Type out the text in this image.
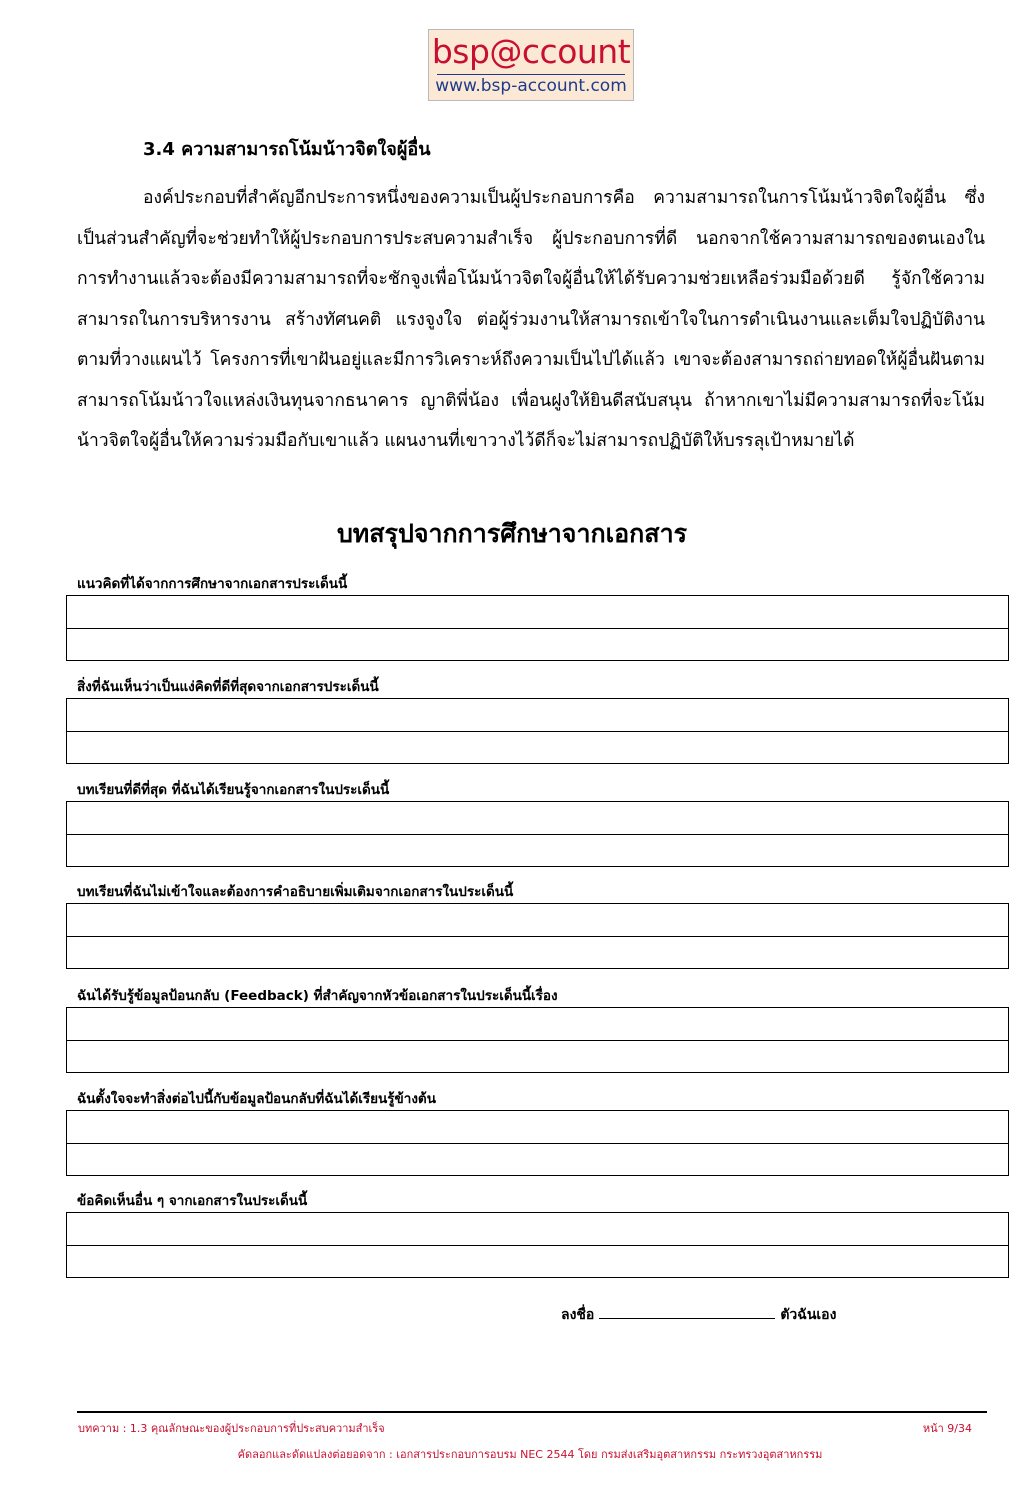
bsp@ccount
www.bsp-account.com
3.4 ความสามารถโน้มน้าวจิตใจผู้อื่น
องค์ประกอบที่สำคัญอีกประการหนึ่งของความเป็นผู้ประกอบการคือ ความสามารถในการโน้มน้าวจิตใจผู้อื่น ซึ่งเป็นส่วนสำคัญที่จะช่วยทำให้ผู้ประกอบการประสบความสำเร็จ ผู้ประกอบการที่ดี นอกจากใช้ความสามารถของตนเองในการทำงานแล้วจะต้องมีความสามารถที่จะชักจูงเพื่อโน้มน้าวจิตใจผู้อื่นให้ได้รับความช่วยเหลือร่วมมือด้วยดี รู้จักใช้ความสามารถในการบริหารงาน สร้างทัศนคติ แรงจูงใจ ต่อผู้ร่วมงานให้สามารถเข้าใจในการดำเนินงานและเต็มใจปฏิบัติงานตามที่วางแผนไว้ โครงการที่เขาฝันอยู่และมีการวิเคราะห์ถึงความเป็นไปได้แล้ว เขาจะต้องสามารถถ่ายทอดให้ผู้อื่นฝันตาม สามารถโน้มน้าวใจแหล่งเงินทุนจากธนาคาร ญาติพี่น้อง เพื่อนฝูงให้ยินดีสนับสนุน ถ้าหากเขาไม่มีความสามารถที่จะโน้มน้าวจิตใจผู้อื่นให้ความร่วมมือกับเขาแล้ว แผนงานที่เขาวางไว้ดีก็จะไม่สามารถปฏิบัติให้บรรลุเป้าหมายได้
บทสรุปจากการศึกษาจากเอกสาร
แนวคิดที่ได้จากการศึกษาจากเอกสารประเด็นนี้
สิ่งที่ฉันเห็นว่าเป็นแง่คิดที่ดีที่สุดจากเอกสารประเด็นนี้
บทเรียนที่ดีที่สุด ที่ฉันได้เรียนรู้จากเอกสารในประเด็นนี้
บทเรียนที่ฉันไม่เข้าใจและต้องการคำอธิบายเพิ่มเติมจากเอกสารในประเด็นนี้
ฉันได้รับรู้ข้อมูลป้อนกลับ (Feedback) ที่สำคัญจากหัวข้อเอกสารในประเด็นนี้เรื่อง
ฉันตั้งใจจะทำสิ่งต่อไปนี้กับข้อมูลป้อนกลับที่ฉันได้เรียนรู้ข้างต้น
ข้อคิดเห็นอื่น ๆ จากเอกสารในประเด็นนี้
ลงชื่อ	ตัวฉันเอง
บทความ : 1.3 คุณลักษณะของผู้ประกอบการที่ประสบความสำเร็จ	หน้า 9/34
คัดลอกและดัดแปลงต่อยอดจาก : เอกสารประกอบการอบรม NEC 2544 โดย กรมส่งเสริมอุตสาหกรรม กระทรวงอุตสาหกรรม
